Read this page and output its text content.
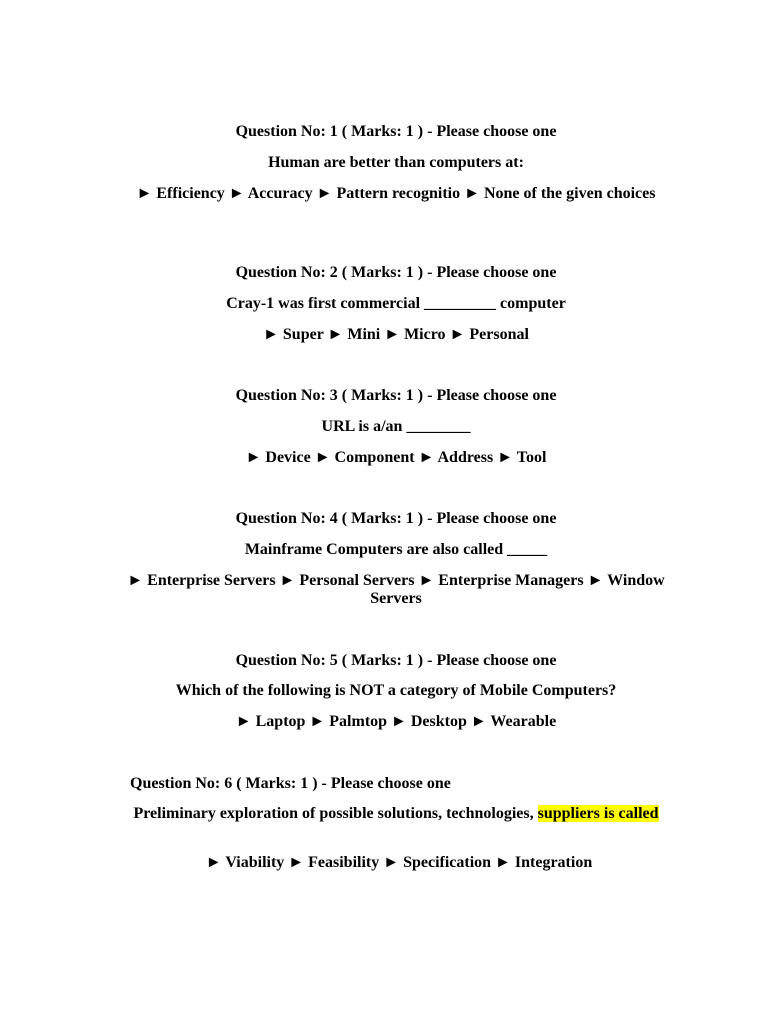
Question No: 1 ( Marks: 1 ) - Please choose one
Human are better than computers at:
► Efficiency ► Accuracy ► Pattern recognitio ► None of the given choices
Question No: 2 ( Marks: 1 ) - Please choose one
Cray-1 was first commercial _________ computer
► Super ► Mini ► Micro ► Personal
Question No: 3 ( Marks: 1 ) - Please choose one
URL is a/an ________
► Device ► Component ► Address ► Tool
Question No: 4 ( Marks: 1 ) - Please choose one
Mainframe Computers are also called _____
► Enterprise Servers ► Personal Servers ► Enterprise Managers ► Window Servers
Question No: 5 ( Marks: 1 ) - Please choose one
Which of the following is NOT a category of Mobile Computers?
► Laptop ► Palmtop ► Desktop ► Wearable
Question No: 6 ( Marks: 1 ) - Please choose one
Preliminary exploration of possible solutions, technologies, suppliers is called
► Viability ► Feasibility ► Specification ► Integration
